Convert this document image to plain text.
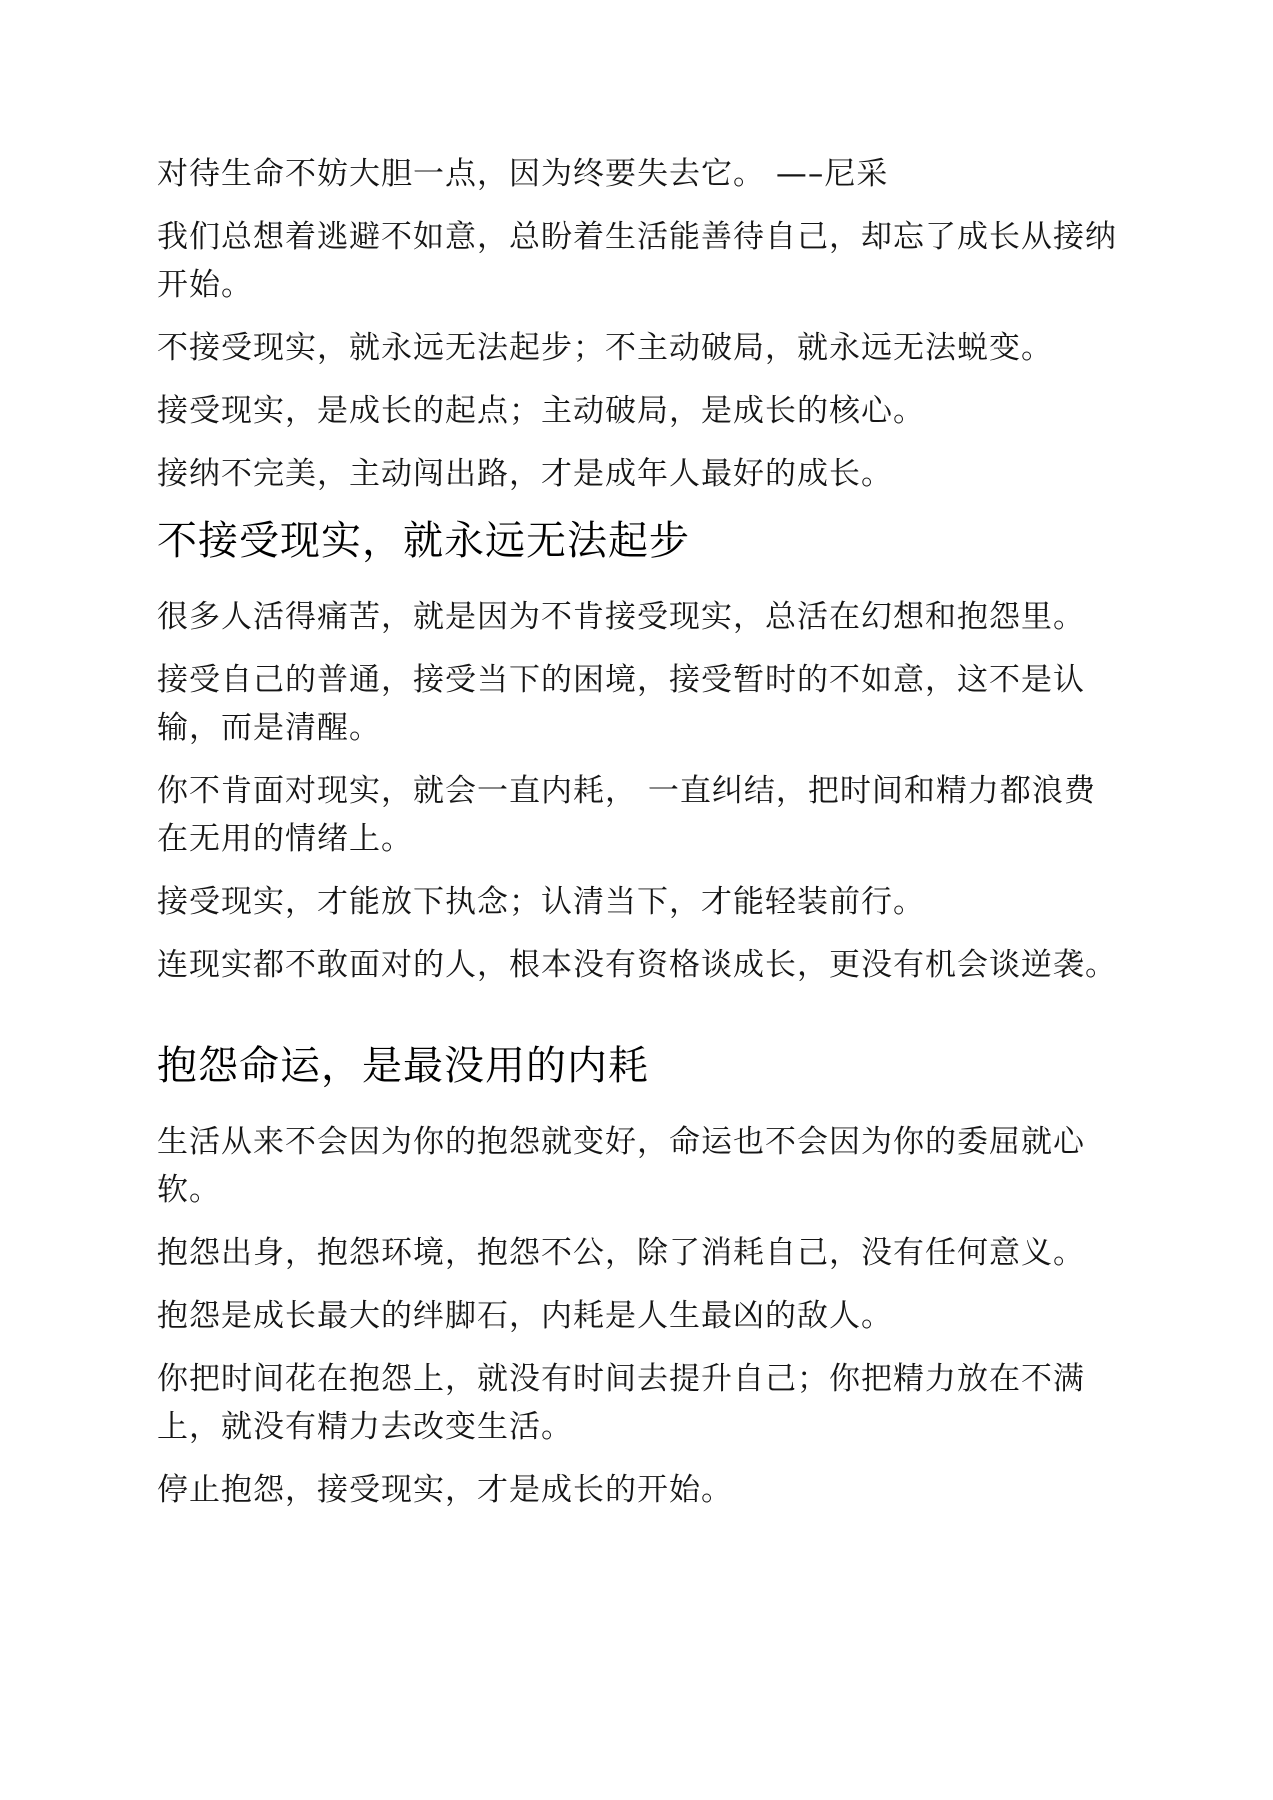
对待生命不妨大胆一点，因为终要失去它。 —–尼采

我们总想着逃避不如意，总盼着生活能善待自己，却忘了成长从接纳开始。

不接受现实，就永远无法起步；不主动破局，就永远无法蜕变。

接受现实，是成长的起点；主动破局，是成长的核心。

接纳不完美，主动闯出路，才是成年人最好的成长。

不接受现实，就永远无法起步

很多人活得痛苦，就是因为不肯接受现实，总活在幻想和抱怨里。

接受自己的普通，接受当下的困境，接受暂时的不如意，这不是认输，而是清醒。

你不肯面对现实，就会一直内耗， 一直纠结，把时间和精力都浪费在无用的情绪上。

接受现实，才能放下执念；认清当下，才能轻装前行。

连现实都不敢面对的人，根本没有资格谈成长，更没有机会谈逆袭。

抱怨命运，是最没用的内耗

生活从来不会因为你的抱怨就变好，命运也不会因为你的委屈就心软。

抱怨出身，抱怨环境，抱怨不公，除了消耗自己，没有任何意义。

抱怨是成长最大的绊脚石，内耗是人生最凶的敌人。

你把时间花在抱怨上，就没有时间去提升自己；你把精力放在不满上，就没有精力去改变生活。

停止抱怨，接受现实，才是成长的开始。
